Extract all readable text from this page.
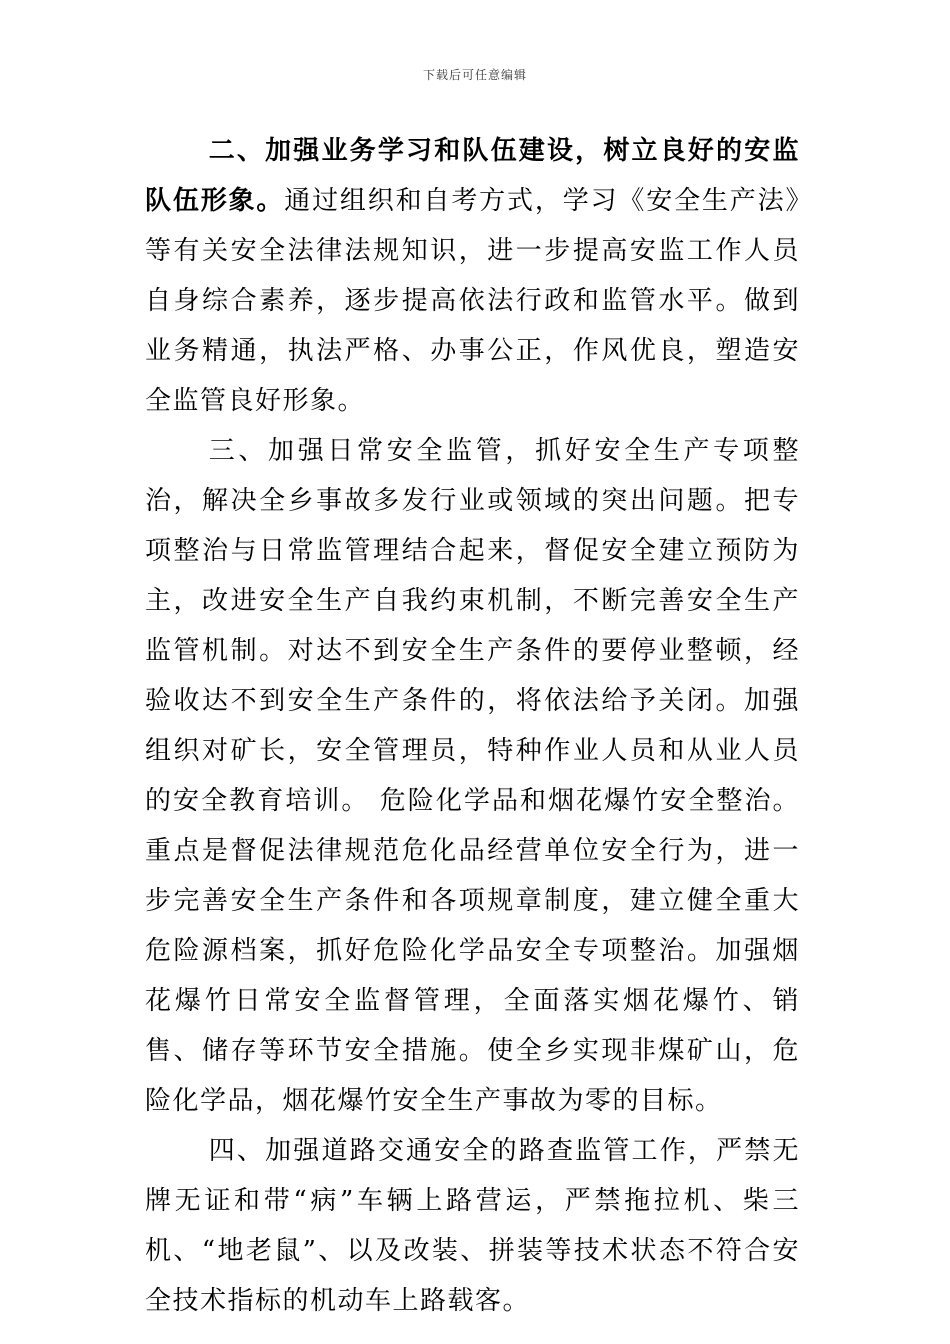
下载后可任意编辑

二、加强业务学习和队伍建设，树立良好的安监队伍形象。通过组织和自考方式，学习《安全生产法》等有关安全法律法规知识，进一步提高安监工作人员自身综合素养，逐步提高依法行政和监管水平。做到业务精通，执法严格、办事公正，作风优良，塑造安全监管良好形象。

三、加强日常安全监管，抓好安全生产专项整治，解决全乡事故多发行业或领域的突出问题。把专项整治与日常监管理结合起来，督促安全建立预防为主，改进安全生产自我约束机制，不断完善安全生产监管机制。对达不到安全生产条件的要停业整顿，经验收达不到安全生产条件的，将依法给予关闭。加强组织对矿长，安全管理员，特种作业人员和从业人员的安全教育培训。 危险化学品和烟花爆竹安全整治。重点是督促法律规范危化品经营单位安全行为，进一步完善安全生产条件和各项规章制度，建立健全重大危险源档案，抓好危险化学品安全专项整治。加强烟花爆竹日常安全监督管理，全面落实烟花爆竹、销售、储存等环节安全措施。使全乡实现非煤矿山，危险化学品，烟花爆竹安全生产事故为零的目标。

四、加强道路交通安全的路查监管工作，严禁无牌无证和带“病”车辆上路营运，严禁拖拉机、柴三机、“地老鼠”、以及改装、拼装等技术状态不符合安全技术指标的机动车上路载客。
